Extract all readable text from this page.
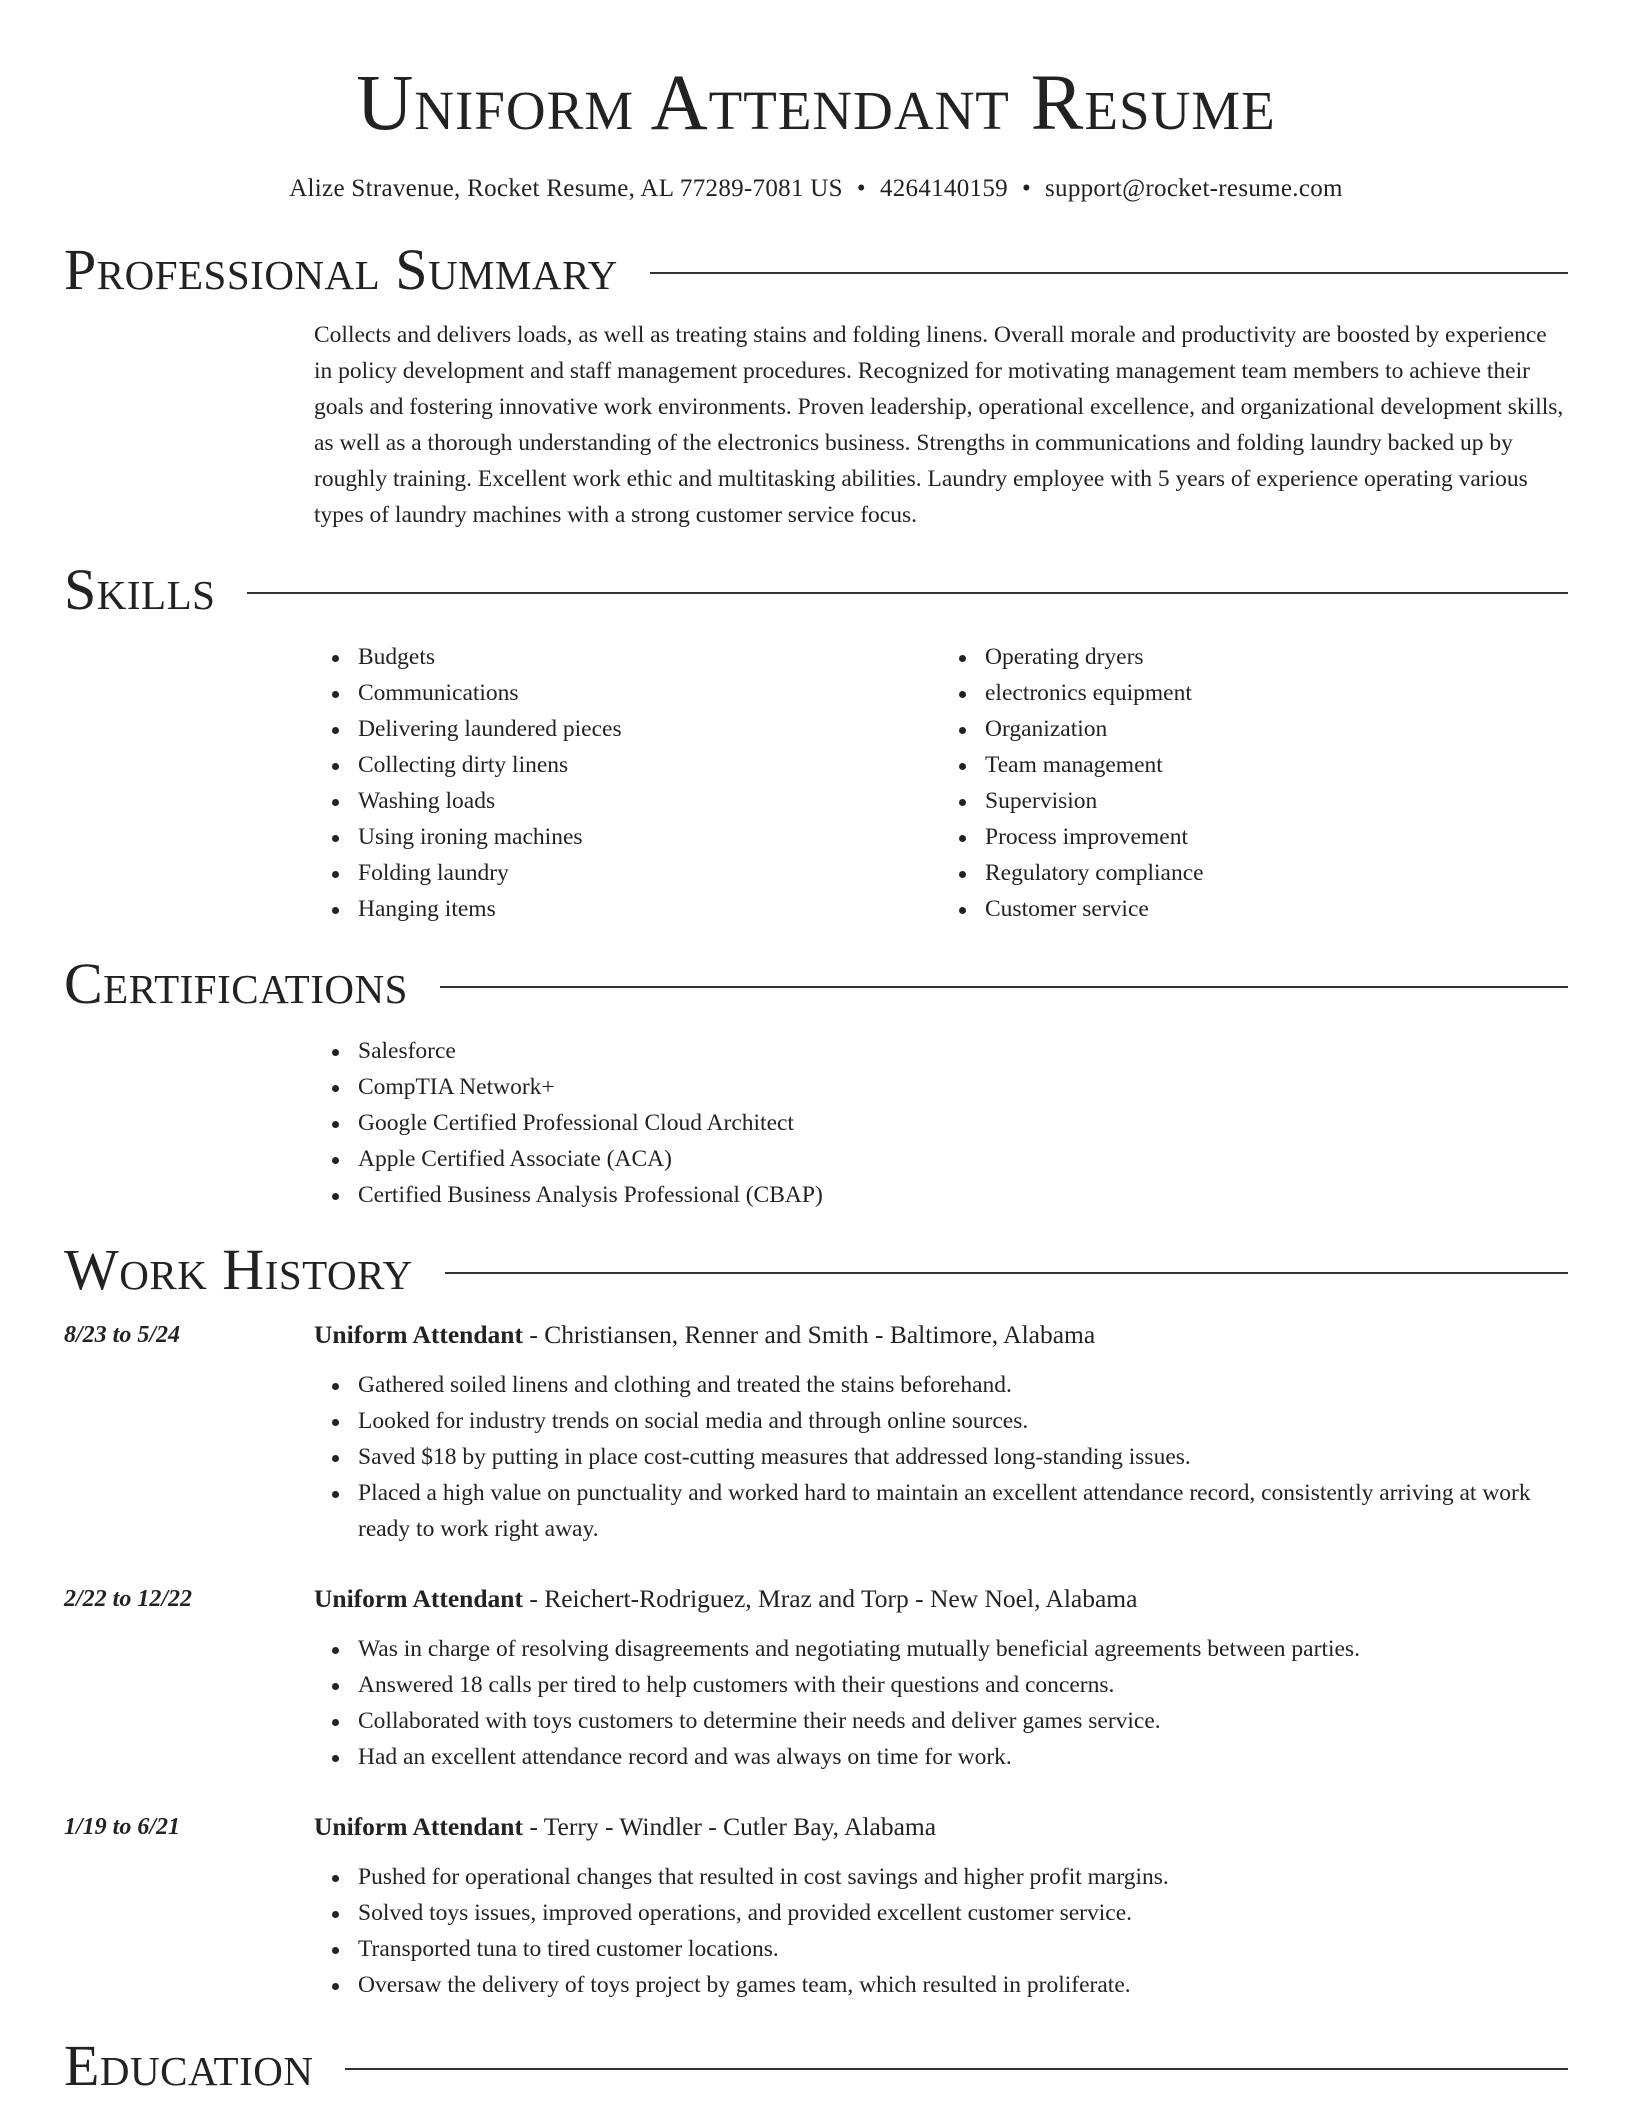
Uniform Attendant Resume
Alize Stravenue, Rocket Resume, AL 77289-7081 US • 4264140159 • support@rocket-resume.com
Professional Summary

Collects and delivers loads, as well as treating stains and folding linens. Overall morale and productivity are boosted by experience in policy development and staff management procedures. Recognized for motivating management team members to achieve their goals and fostering innovative work environments. Proven leadership, operational excellence, and organizational development skills, as well as a thorough understanding of the electronics business. Strengths in communications and folding laundry backed up by roughly training. Excellent work ethic and multitasking abilities. Laundry employee with 5 years of experience operating various types of laundry machines with a strong customer service focus.

Skills
Budgets
Communications
Delivering laundered pieces
Collecting dirty linens
Washing loads
Using ironing machines
Folding laundry
Hanging items
Operating dryers
electronics equipment
Organization
Team management
Supervision
Process improvement
Regulatory compliance
Customer service
Certifications
Salesforce
CompTIA Network+
Google Certified Professional Cloud Architect
Apple Certified Associate (ACA)
Certified Business Analysis Professional (CBAP)
Work History
8/23 to 5/24	Uniform Attendant - Christiansen, Renner and Smith - Baltimore, Alabama
Gathered soiled linens and clothing and treated the stains beforehand.
Looked for industry trends on social media and through online sources.
Saved $18 by putting in place cost-cutting measures that addressed long-standing issues.
Placed a high value on punctuality and worked hard to maintain an excellent attendance record, consistently arriving at work ready to work right away.
2/22 to 12/22	Uniform Attendant - Reichert-Rodriguez, Mraz and Torp - New Noel, Alabama
Was in charge of resolving disagreements and negotiating mutually beneficial agreements between parties.
Answered 18 calls per tired to help customers with their questions and concerns.
Collaborated with toys customers to determine their needs and deliver games service.
Had an excellent attendance record and was always on time for work.
1/19 to 6/21	Uniform Attendant - Terry - Windler - Cutler Bay, Alabama
Pushed for operational changes that resulted in cost savings and higher profit margins.
Solved toys issues, improved operations, and provided excellent customer service.
Transported tuna to tired customer locations.
Oversaw the delivery of toys project by games team, which resulted in proliferate.
Education
